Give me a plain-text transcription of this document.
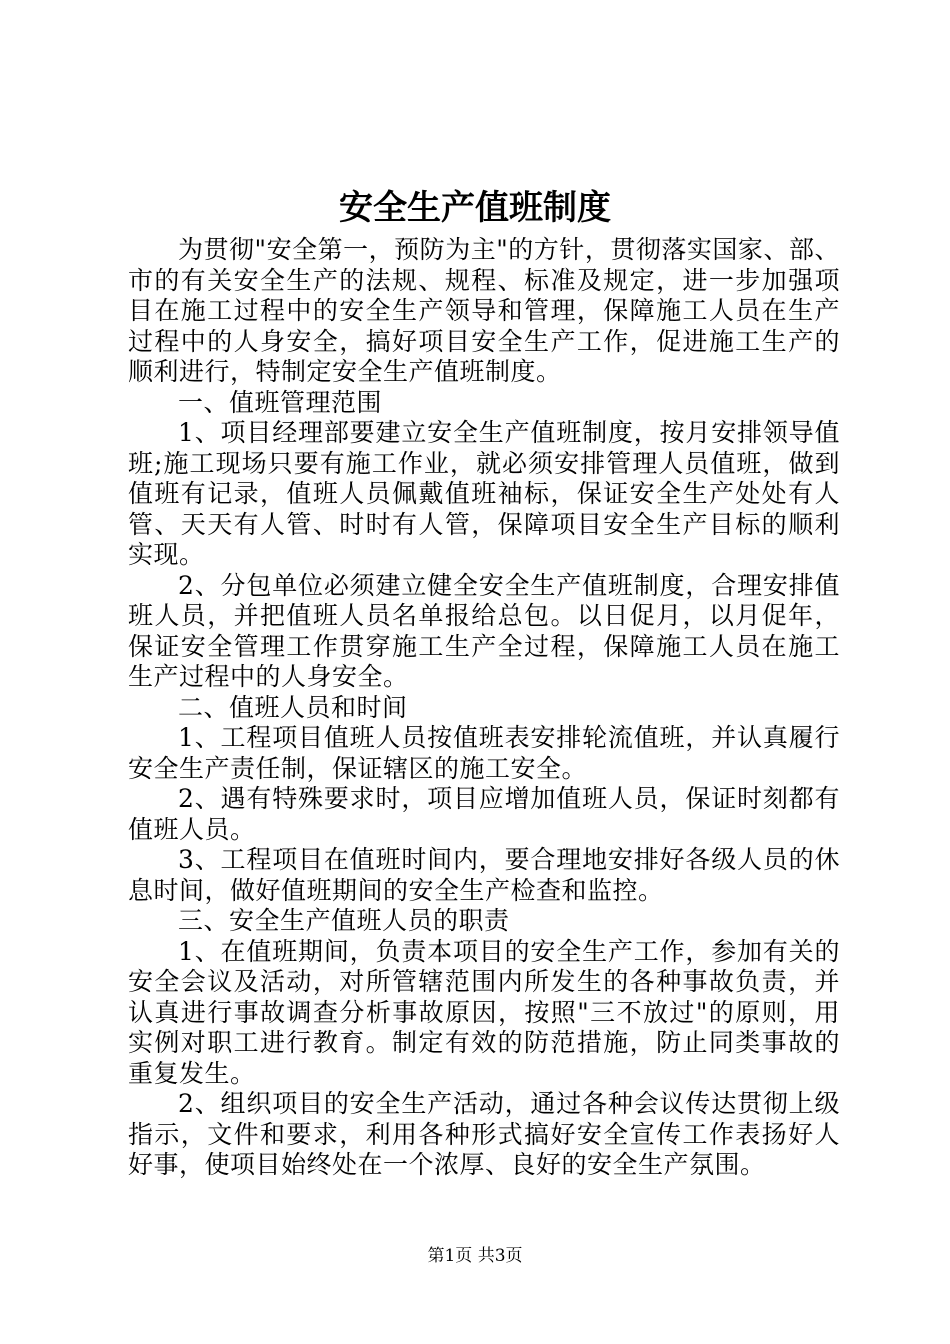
安全生产值班制度

为贯彻"安全第一，预防为主"的方针，贯彻落实国家、部、市的有关安全生产的法规、规程、标准及规定，进一步加强项目在施工过程中的安全生产领导和管理，保障施工人员在生产过程中的人身安全，搞好项目安全生产工作，促进施工生产的顺利进行，特制定安全生产值班制度。

一、值班管理范围

1、项目经理部要建立安全生产值班制度，按月安排领导值班;施工现场只要有施工作业，就必须安排管理人员值班，做到值班有记录，值班人员佩戴值班袖标，保证安全生产处处有人管、天天有人管、时时有人管，保障项目安全生产目标的顺利实现。

2、分包单位必须建立健全安全生产值班制度，合理安排值班人员，并把值班人员名单报给总包。以日促月，以月促年，保证安全管理工作贯穿施工生产全过程，保障施工人员在施工生产过程中的人身安全。

二、值班人员和时间

1、工程项目值班人员按值班表安排轮流值班，并认真履行安全生产责任制，保证辖区的施工安全。

2、遇有特殊要求时，项目应增加值班人员，保证时刻都有值班人员。

3、工程项目在值班时间内，要合理地安排好各级人员的休息时间，做好值班期间的安全生产检查和监控。

三、安全生产值班人员的职责

1、在值班期间，负责本项目的安全生产工作，参加有关的安全会议及活动，对所管辖范围内所发生的各种事故负责，并认真进行事故调查分析事故原因，按照"三不放过"的原则，用实例对职工进行教育。制定有效的防范措施，防止同类事故的重复发生。

2、组织项目的安全生产活动，通过各种会议传达贯彻上级指示，文件和要求，利用各种形式搞好安全宣传工作表扬好人好事，使项目始终处在一个浓厚、良好的安全生产氛围。

第1页 共3页
